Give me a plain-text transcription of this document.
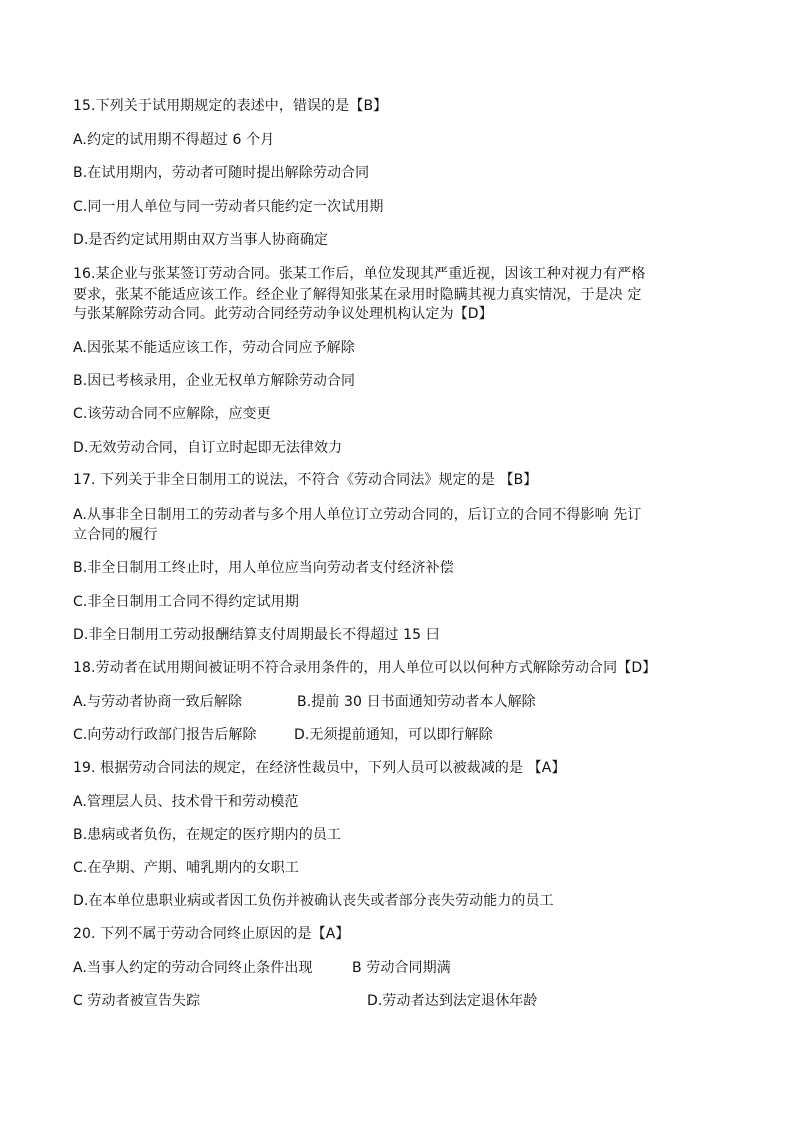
15.下列关于试用期规定的表述中，错误的是【B】
A.约定的试用期不得超过 6 个月
B.在试用期内，劳动者可随时提出解除劳动合同
C.同一用人单位与同一劳动者只能约定一次试用期
D.是否约定试用期由双方当事人协商确定
16.某企业与张某签订劳动合同。张某工作后，单位发现其严重近视，因该工种对视力有严格
要求，张某不能适应该工作。经企业了解得知张某在录用时隐瞒其视力真实情况，于是决 定
与张某解除劳动合同。此劳动合同经劳动争议处理机构认定为【D】
A.因张某不能适应该工作，劳动合同应予解除
B.因已考核录用，企业无权单方解除劳动合同
C.该劳动合同不应解除，应变更
D.无效劳动合同，自订立时起即无法律效力
17. 下列关于非全日制用工的说法，不符合《劳动合同法》规定的是 【B】
A.从事非全日制用工的劳动者与多个用人单位订立劳动合同的，后订立的合同不得影响 先订
立合同的履行
B.非全日制用工终止时，用人单位应当向劳动者支付经济补偿
C.非全日制用工合同不得约定试用期
D.非全日制用工劳动报酬结算支付周期最长不得超过 15 曰
18.劳动者在试用期间被证明不符合录用条件的，用人单位可以以何种方式解除劳动合同【D】
A.与劳动者协商一致后解除	B.提前 30 日书面通知劳动者本人解除
C.向劳动行政部门报告后解除	D.无须提前通知，可以即行解除
19. 根据劳动合同法的规定，在经济性裁员中，下列人员可以被裁减的是 【A】
A.管理层人员、技术骨干和劳动模范
B.患病或者负伤，在规定的医疗期内的员工
C.在孕期、产期、哺乳期内的女职工
D.在本单位患职业病或者因工负伤并被确认丧失或者部分丧失劳动能力的员工
20. 下列不属于劳动合同终止原因的是【A】
A.当事人约定的劳动合同终止条件出现	B 劳动合同期满
C 劳动者被宣告失踪	D.劳动者达到法定退休年龄
